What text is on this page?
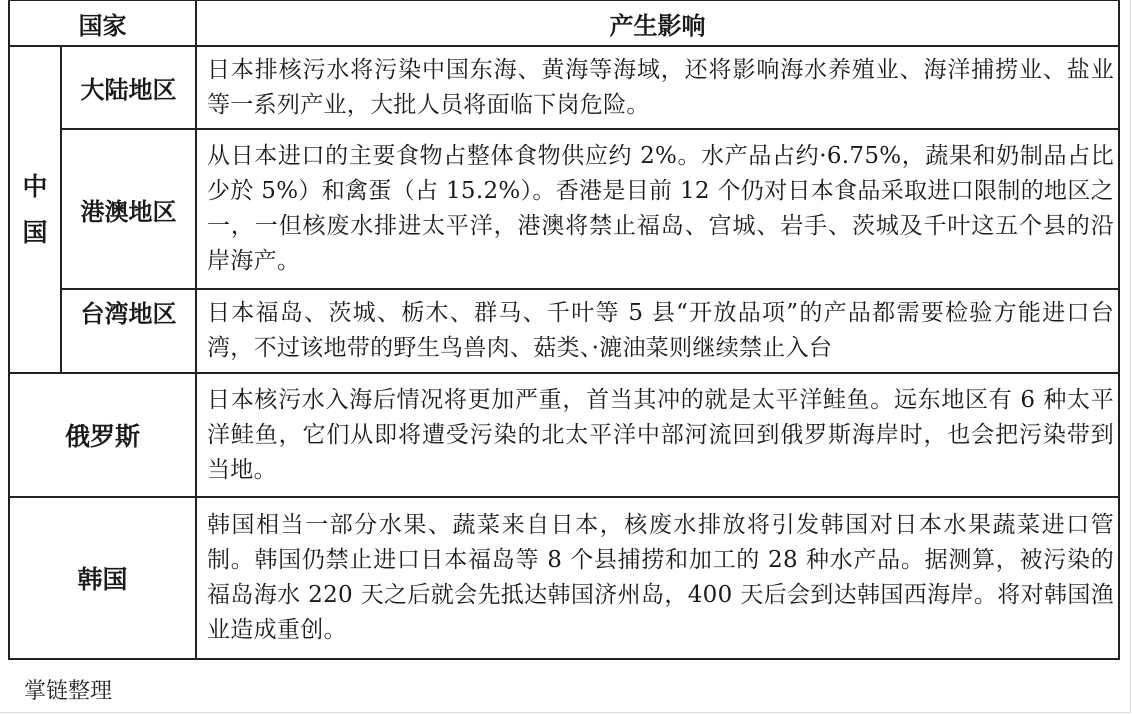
国家		产生影响

中
国	大陆地区	日本排核污水将污染中国东海、黄海等海域，还将影响海水养殖业、海洋捕捞业、盐业等一系列产业，大批人员将面临下岗危险。
	港澳地区	从日本进口的主要食物占整体食物供应约 2%。水产品占约·6.75%，蔬果和奶制品占比少於 5%）和禽蛋（占 15.2%）。香港是目前 12 个仍对日本食品采取进口限制的地区之一，一但核废水排进太平洋，港澳将禁止福岛、宫城、岩手、茨城及千叶这五个县的沿岸海产。

	台湾地区	日本福岛、茨城、栃木、群马、千叶等 5 县“开放品项”的产品都需要检验方能进口台湾，不过该地带的野生鸟兽肉、菇类、·漉油菜则继续禁止入台
俄罗斯		日本核污水入海后情况将更加严重，首当其冲的就是太平洋鲑鱼。远东地区有 6 种太平洋鲑鱼，它们从即将遭受污染的北太平洋中部河流回到俄罗斯海岸时，也会把污染带到当地。
韩国		韩国相当一部分水果、蔬菜来自日本，核废水排放将引发韩国对日本水果蔬菜进口管制。韩国仍禁止进口日本福岛等 8 个县捕捞和加工的 28 种水产品。据测算，被污染的福岛海水 220 天之后就会先抵达韩国济州岛，400 天后会到达韩国西海岸。将对韩国渔业造成重创。
掌链整理
